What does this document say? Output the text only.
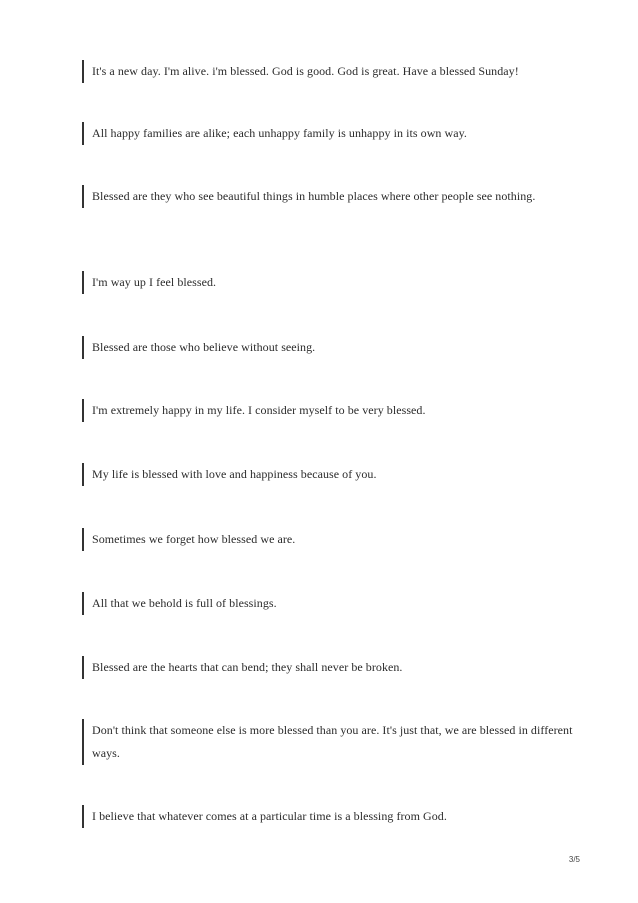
It's a new day. I'm alive. i'm blessed. God is good. God is great. Have a blessed Sunday!

All happy families are alike; each unhappy family is unhappy in its own way.

Blessed are they who see beautiful things in humble places where other people see nothing.

I'm way up I feel blessed.

Blessed are those who believe without seeing.

I'm extremely happy in my life. I consider myself to be very blessed.

My life is blessed with love and happiness because of you.

Sometimes we forget how blessed we are.

All that we behold is full of blessings.

Blessed are the hearts that can bend; they shall never be broken.

Don't think that someone else is more blessed than you are. It's just that, we are blessed in different ways.

I believe that whatever comes at a particular time is a blessing from God.

3/5
